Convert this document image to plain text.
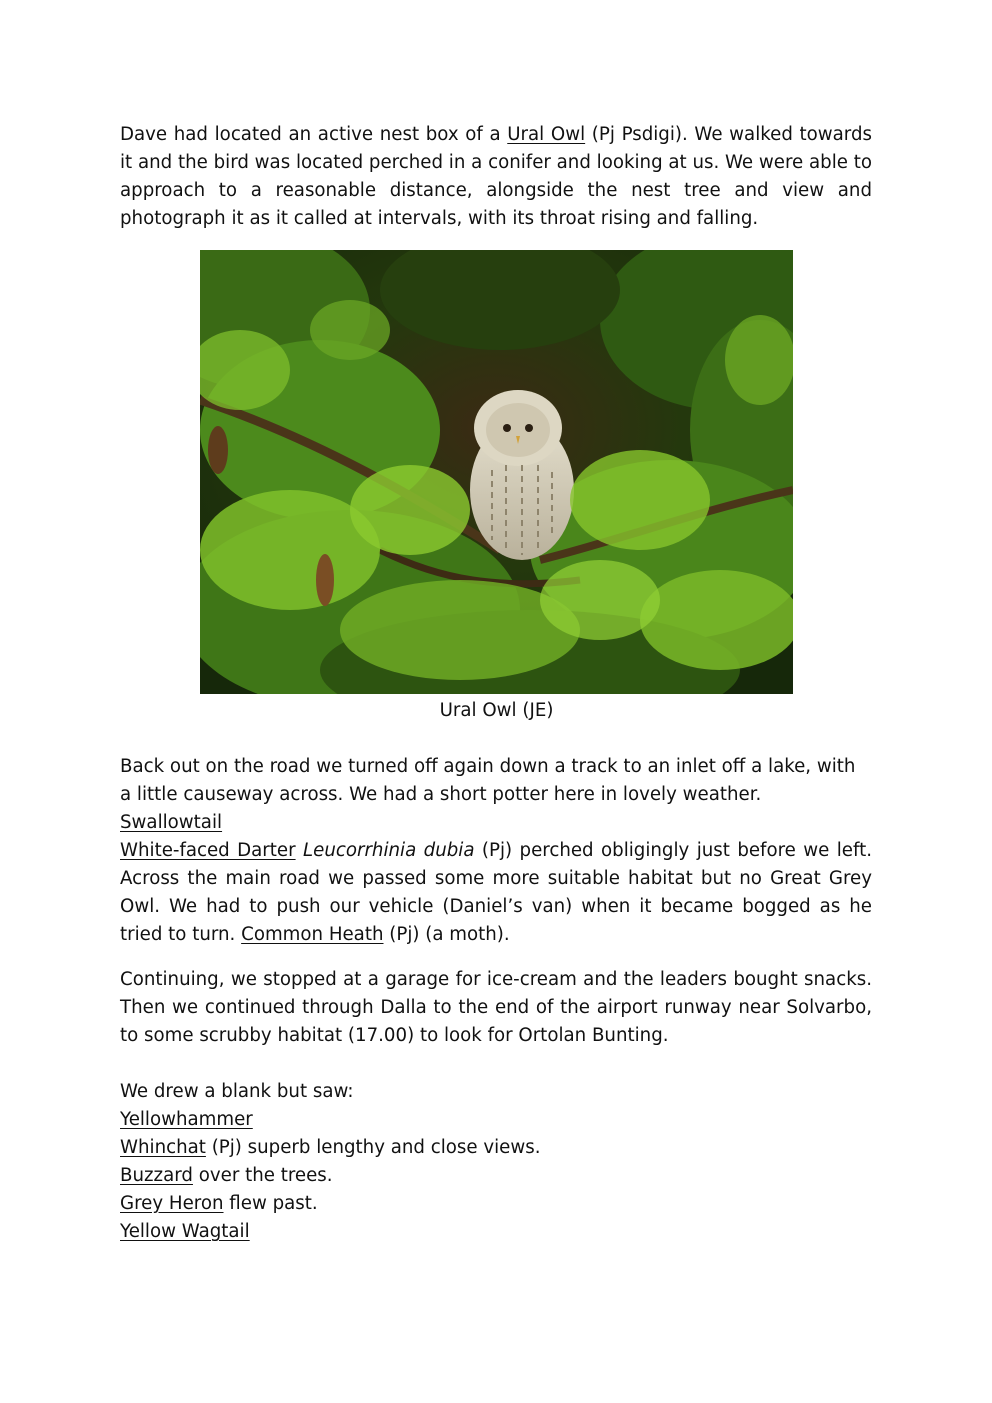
Dave had located an active nest box of a Ural Owl (Pj Psdigi). We walked towards it and the bird was located perched in a conifer and looking at us. We were able to approach to a reasonable distance, alongside the nest tree and view and photograph it as it called at intervals, with its throat rising and falling.

Ural Owl (JE)

Back out on the road we turned off again down a track to an inlet off a lake, with a little causeway across. We had a short potter here in lovely weather.

Swallowtail

White-faced Darter Leucorrhinia dubia (Pj) perched obligingly just before we left. Across the main road we passed some more suitable habitat but no Great Grey Owl. We had to push our vehicle (Daniel’s van) when it became bogged as he tried to turn. Common Heath (Pj) (a moth).

Continuing, we stopped at a garage for ice-cream and the leaders bought snacks. Then we continued through Dalla to the end of the airport runway near Solvarbo, to some scrubby habitat (17.00) to look for Ortolan Bunting.

We drew a blank but saw:

Yellowhammer

Whinchat (Pj) superb lengthy and close views.

Buzzard over the trees.

Grey Heron flew past.

Yellow Wagtail
